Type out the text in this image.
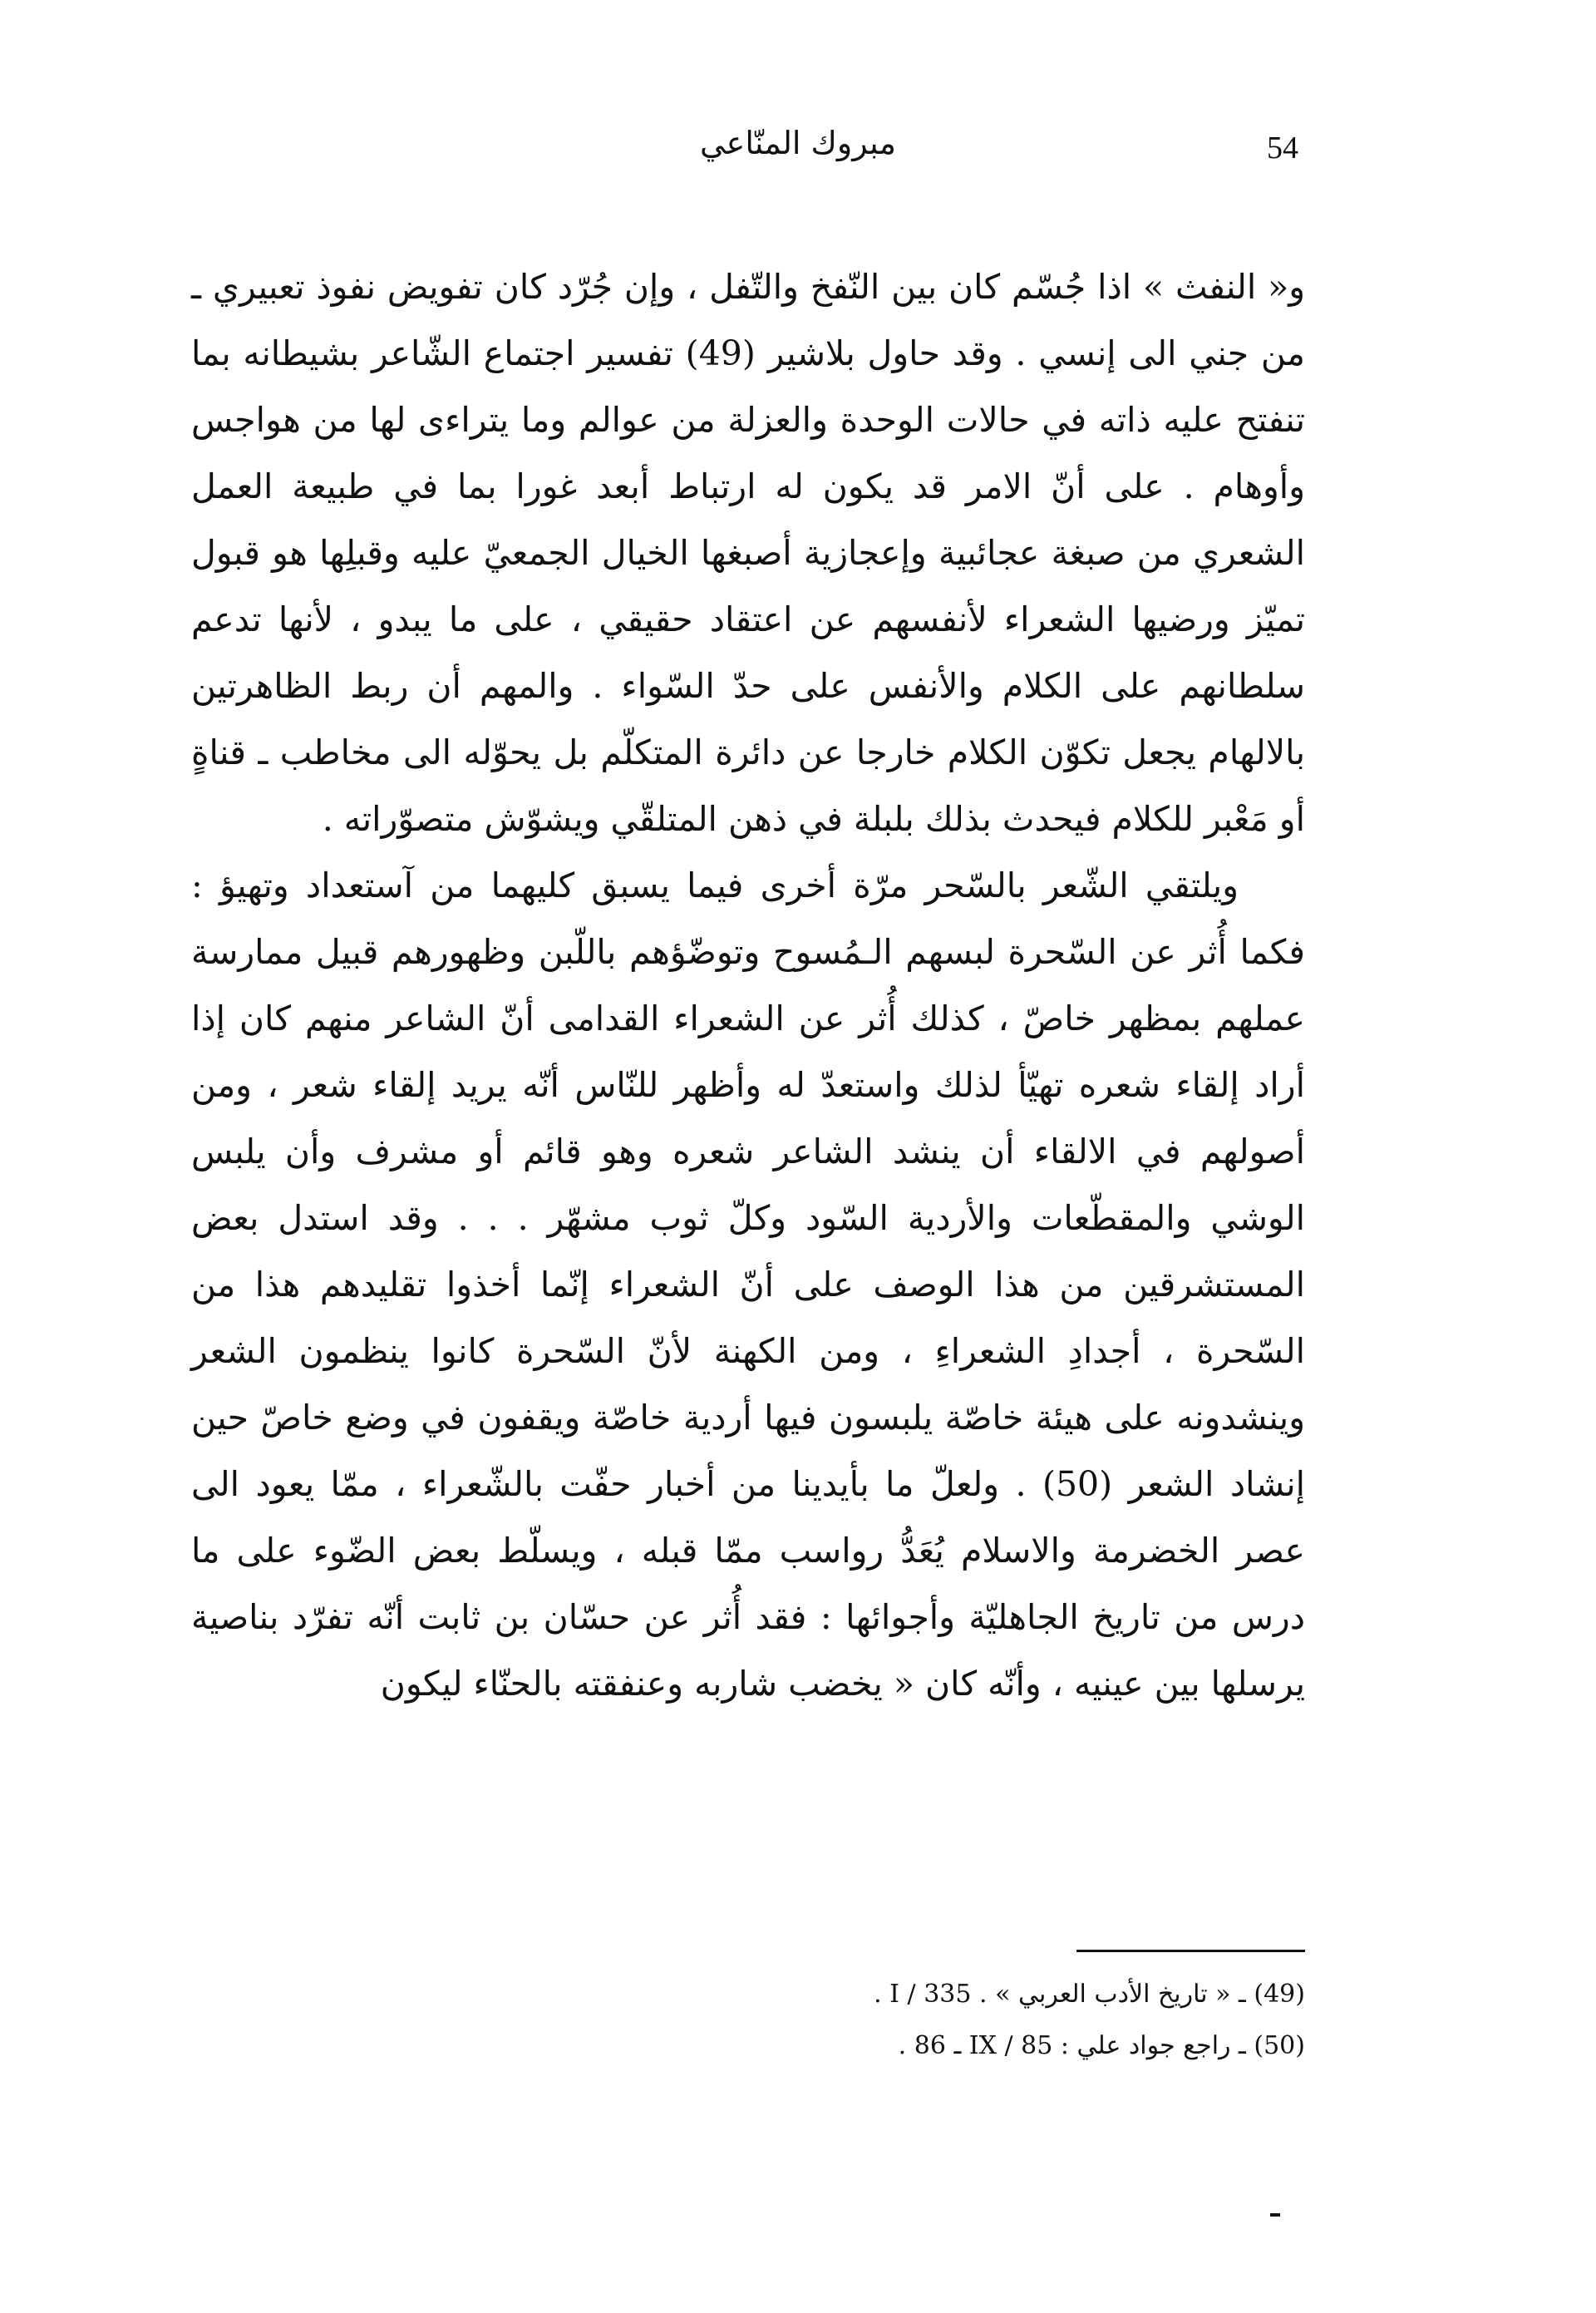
54
مبروك المنّاعي

و« النفث » اذا جُسّم كان بين النّفخ والتّفل ، وإن جُرّد كان تفويض نفوذ تعبيري ـ من جني الى إنسي . وقد حاول بلاشير (49) تفسير اجتماع الشّاعر بشيطانه بما تنفتح عليه ذاته في حالات الوحدة والعزلة من عوالم وما يتراءى لها من هواجس وأوهام . على أنّ الامر قد يكون له ارتباط أبعد غورا بما في طبيعة العمل الشعري من صبغة عجائبية وإعجازية أصبغها الخيال الجمعيّ عليه وقبلِها هو قبول تميّز ورضيها الشعراء لأنفسهم عن اعتقاد حقيقي ، على ما يبدو ، لأنها تدعم سلطانهم على الكلام والأنفس على حدّ السّواء . والمهم أن ربط الظاهرتين بالالهام يجعل تكوّن الكلام خارجا عن دائرة المتكلّم بل يحوّله الى مخاطب ـ قناةٍ أو مَعْبر للكلام فيحدث بذلك بلبلة في ذهن المتلقّي ويشوّش متصوّراته .

ويلتقي الشّعر بالسّحر مرّة أخرى فيما يسبق كليهما من آستعداد وتهيؤ : فكما أُثر عن السّحرة لبسهم الـمُسوح وتوضّؤهم باللّبن وظهورهم قبيل ممارسة عملهم بمظهر خاصّ ، كذلك أُثر عن الشعراء القدامى أنّ الشاعر منهم كان إذا أراد إلقاء شعره تهيّأ لذلك واستعدّ له وأظهر للنّاس أنّه يريد إلقاء شعر ، ومن أصولهم في الالقاء أن ينشد الشاعر شعره وهو قائم أو مشرف وأن يلبس الوشي والمقطّعات والأردية السّود وكلّ ثوب مشهّر . . . وقد استدل بعض المستشرقين من هذا الوصف على أنّ الشعراء إنّما أخذوا تقليدهم هذا من السّحرة ، أجدادِ الشعراءِ ، ومن الكهنة لأنّ السّحرة كانوا ينظمون الشعر وينشدونه على هيئة خاصّة يلبسون فيها أردية خاصّة ويقفون في وضع خاصّ حين إنشاد الشعر (50) . ولعلّ ما بأيدينا من أخبار حفّت بالشّعراء ، ممّا يعود الى عصر الخضرمة والاسلام يُعَدُّ رواسب ممّا قبله ، ويسلّط بعض الضّوء على ما درس من تاريخ الجاهليّة وأجوائها : فقد أُثر عن حسّان بن ثابت أنّه تفرّد بناصية يرسلها بين عينيه ، وأنّه كان « يخضب شاربه وعنفقته بالحنّاء ليكون

(49) ـ « تاريخ الأدب العربي » . I / 335 .
(50) ـ راجع جواد علي : IX / 85 ـ 86 .
